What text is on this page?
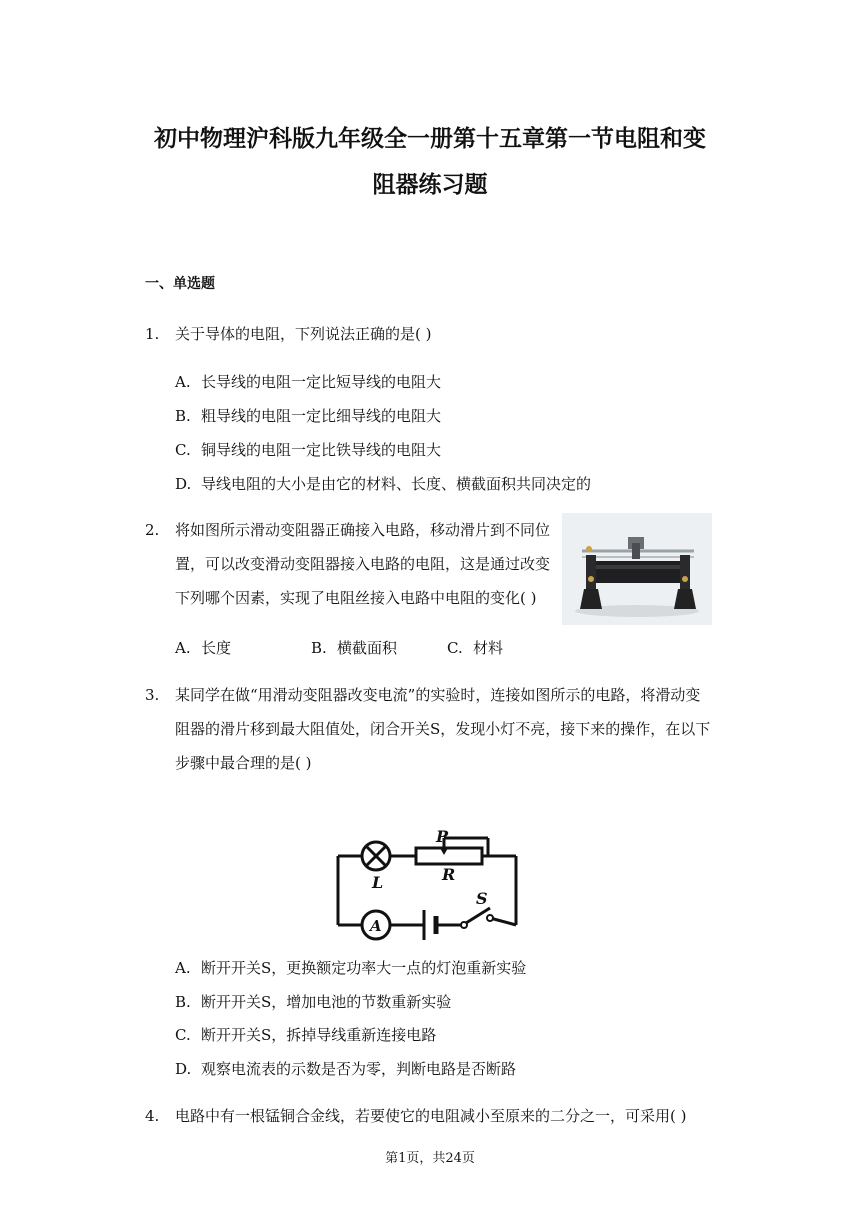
初中物理沪科版九年级全一册第十五章第一节电阻和变
阻器练习题
一、单选题
1. 关于导体的电阻，下列说法正确的是( )
A. 长导线的电阻一定比短导线的电阻大
B. 粗导线的电阻一定比细导线的电阻大
C. 铜导线的电阻一定比铁导线的电阻大
D. 导线电阻的大小是由它的材料、长度、横截面积共同决定的
2. 将如图所示滑动变阻器正确接入电路，移动滑片到不同位
置，可以改变滑动变阻器接入电路的电阻，这是通过改变
下列哪个因素，实现了电阻丝接入电路中电阻的变化( )
A. 长度	B. 横截面积	C. 材料
3. 某同学在做“用滑动变阻器改变电流”的实验时，连接如图所示的电路，将滑动变
阻器的滑片移到最大阻值处，闭合开关S，发现小灯不亮，接下来的操作，在以下
步骤中最合理的是( )
A
P
R
L
S
A. 断开开关S，更换额定功率大一点的灯泡重新实验
B. 断开开关S，增加电池的节数重新实验
C. 断开开关S，拆掉导线重新连接电路
D. 观察电流表的示数是否为零，判断电路是否断路
4. 电路中有一根锰铜合金线，若要使它的电阻减小至原来的二分之一，可采用( )
第1页，共24页
